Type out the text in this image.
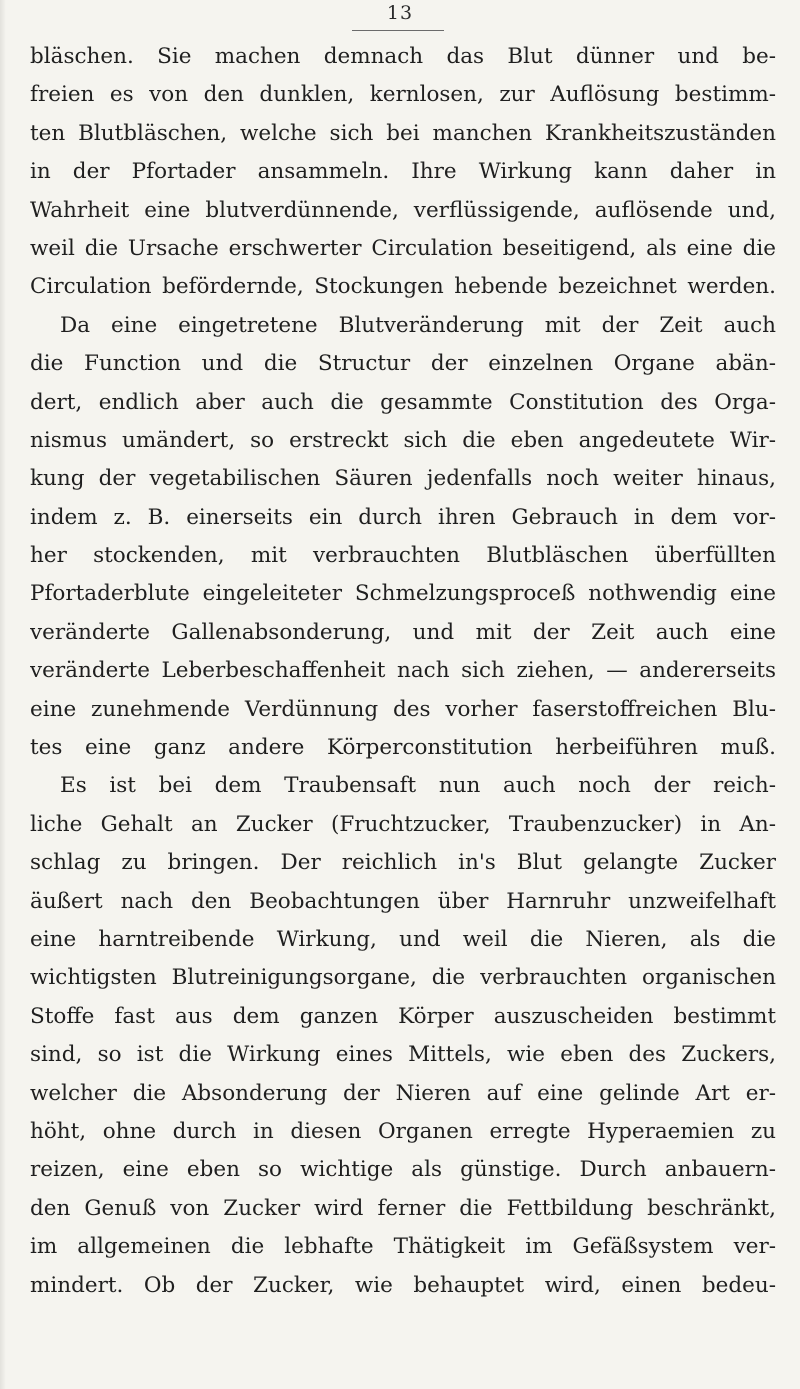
13
bläschen. Sie machen demnach das Blut dünner und be-
freien es von den dunklen, kernlosen, zur Auflösung bestimm-
ten Blutbläschen, welche sich bei manchen Krankheitszuständen
in der Pfortader ansammeln. Ihre Wirkung kann daher in
Wahrheit eine blutverdünnende, verflüssigende, auflösende und,
weil die Ursache erschwerter Circulation beseitigend, als eine die
Circulation befördernde, Stockungen hebende bezeichnet werden.
Da eine eingetretene Blutveränderung mit der Zeit auch
die Function und die Structur der einzelnen Organe abän-
dert, endlich aber auch die gesammte Constitution des Orga-
nismus umändert, so erstreckt sich die eben angedeutete Wir-
kung der vegetabilischen Säuren jedenfalls noch weiter hinaus,
indem z. B. einerseits ein durch ihren Gebrauch in dem vor-
her stockenden, mit verbrauchten Blutbläschen überfüllten
Pfortaderblute eingeleiteter Schmelzungsproceß nothwendig eine
veränderte Gallenabsonderung, und mit der Zeit auch eine
veränderte Leberbeschaffenheit nach sich ziehen, — andererseits
eine zunehmende Verdünnung des vorher faserstoffreichen Blu-
tes eine ganz andere Körperconstitution herbeiführen muß.
Es ist bei dem Traubensaft nun auch noch der reich-
liche Gehalt an Zucker (Fruchtzucker, Traubenzucker) in An-
schlag zu bringen. Der reichlich in's Blut gelangte Zucker
äußert nach den Beobachtungen über Harnruhr unzweifelhaft
eine harntreibende Wirkung, und weil die Nieren, als die
wichtigsten Blutreinigungsorgane, die verbrauchten organischen
Stoffe fast aus dem ganzen Körper auszuscheiden bestimmt
sind, so ist die Wirkung eines Mittels, wie eben des Zuckers,
welcher die Absonderung der Nieren auf eine gelinde Art er-
höht, ohne durch in diesen Organen erregte Hyperaemien zu
reizen, eine eben so wichtige als günstige. Durch anbauern-
den Genuß von Zucker wird ferner die Fettbildung beschränkt,
im allgemeinen die lebhafte Thätigkeit im Gefäßsystem ver-
mindert. Ob der Zucker, wie behauptet wird, einen bedeu-
